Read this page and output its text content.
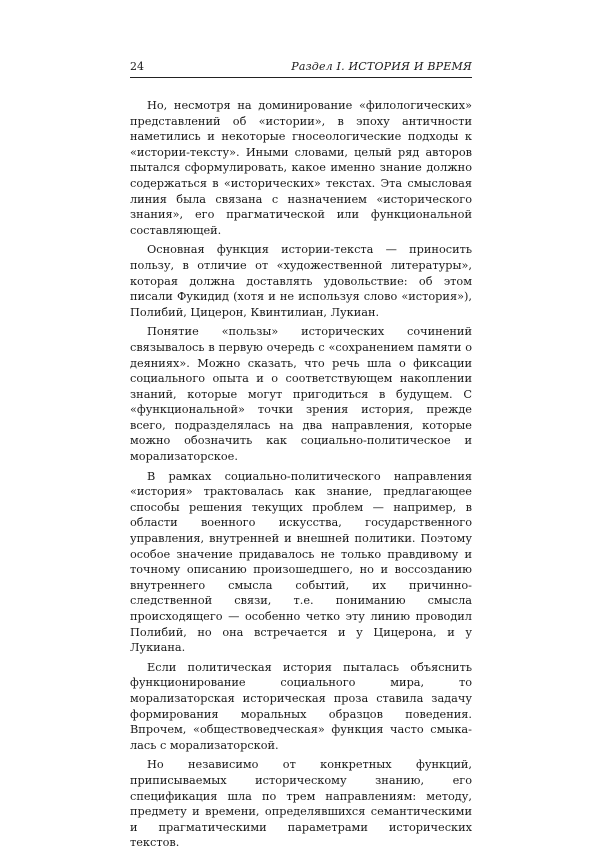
24	Раздел I. ИСТОРИЯ И ВРЕМЯ

Но, несмотря на доминирование «филологических» представлений об «истории», в эпоху античности наметились и некоторые гносеологические подходы к «истории-тексту». Иными словами, целый ряд авторов пытался сформулировать, какое именно знание должно содержаться в «исторических» текстах. Эта смысловая линия была связана с назначением «исторического знания», его прагматической или функциональной составляющей.

Основная функция истории-текста — приносить пользу, в отличие от «художественной литературы», которая должна доставлять удовольствие: об этом писали Фукидид (хотя и не используя слово «история»), Полибий, Цицерон, Квинтилиан, Лукиан.

Понятие «пользы» исторических сочинений связывалось в первую очередь с «сохранением памяти о деяниях». Можно сказать, что речь шла о фиксации социального опыта и о соответствующем накоплении знаний, которые могут пригодиться в будущем. С «функциональной» точки зрения история, прежде всего, подразделялась на два направления, которые можно обозначить как социально-политическое и морализаторское.

В рамках социально-политического направления «история» трактовалась как знание, предлагающее способы решения текущих проблем — например, в области военного искусства, государственного управления, внутренней и внешней политики. Поэтому особое значение придавалось не только правдивому и точному описанию произошедшего, но и воссозданию внутреннего смысла событий, их причинно-следственной связи, т.е. пониманию смысла происходящего — особенно четко эту линию проводил Полибий, но она встречается и у Цицерона, и у Лукиана.

Если политическая история пыталась объяснить функционирование социального мира, то морализаторская историческая проза ставила задачу формирования моральных образцов поведения. Впрочем, «обществоведческая» функция часто смыкалась с морализаторской.

Но независимо от конкретных функций, приписываемых историческому знанию, его спецификация шла по трем направлениям: методу, предмету и времени, определявшихся семантическими и прагматическими параметрами исторических текстов.
